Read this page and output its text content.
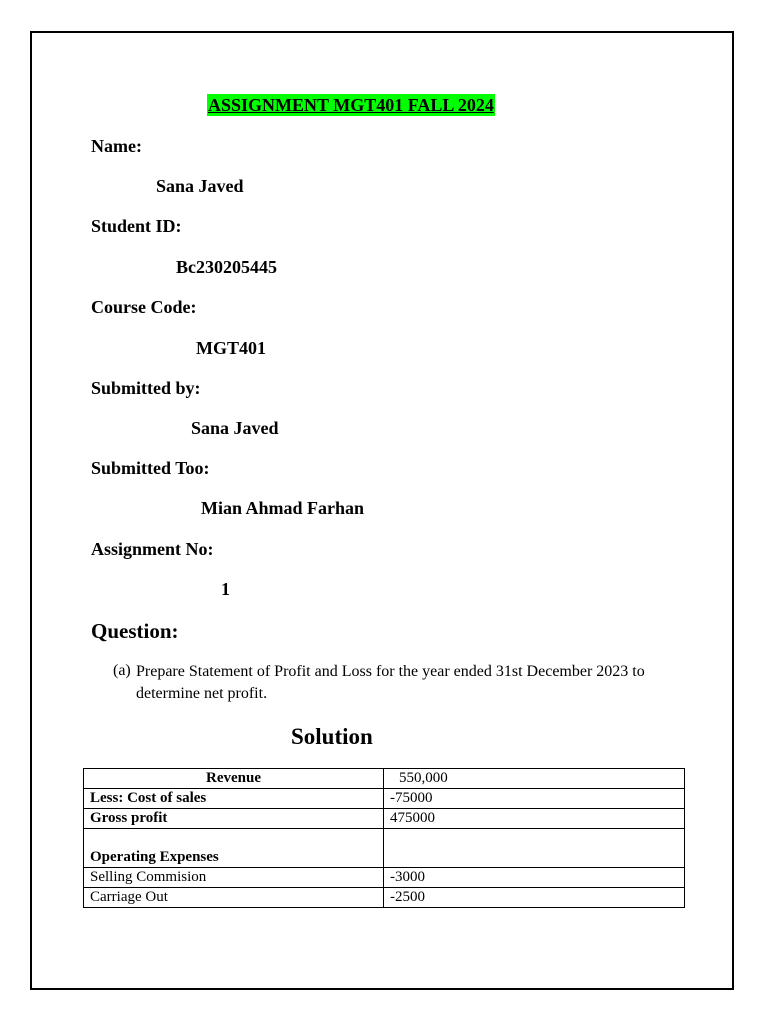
ASSIGNMENT MGT401 FALL 2024
Name:
Sana Javed
Student ID:
Bc230205445
Course Code:
MGT401
Submitted by:
Sana Javed
Submitted Too:
Mian Ahmad Farhan
Assignment No:
1
Question:
(a) Prepare Statement of Profit and Loss for the year ended 31st December 2023 to determine net profit.
Solution
Revenue	550,000
Less: Cost of sales	-75000
Gross profit	475000
Operating Expenses	
Selling Commision	-3000
Carriage Out	-2500
